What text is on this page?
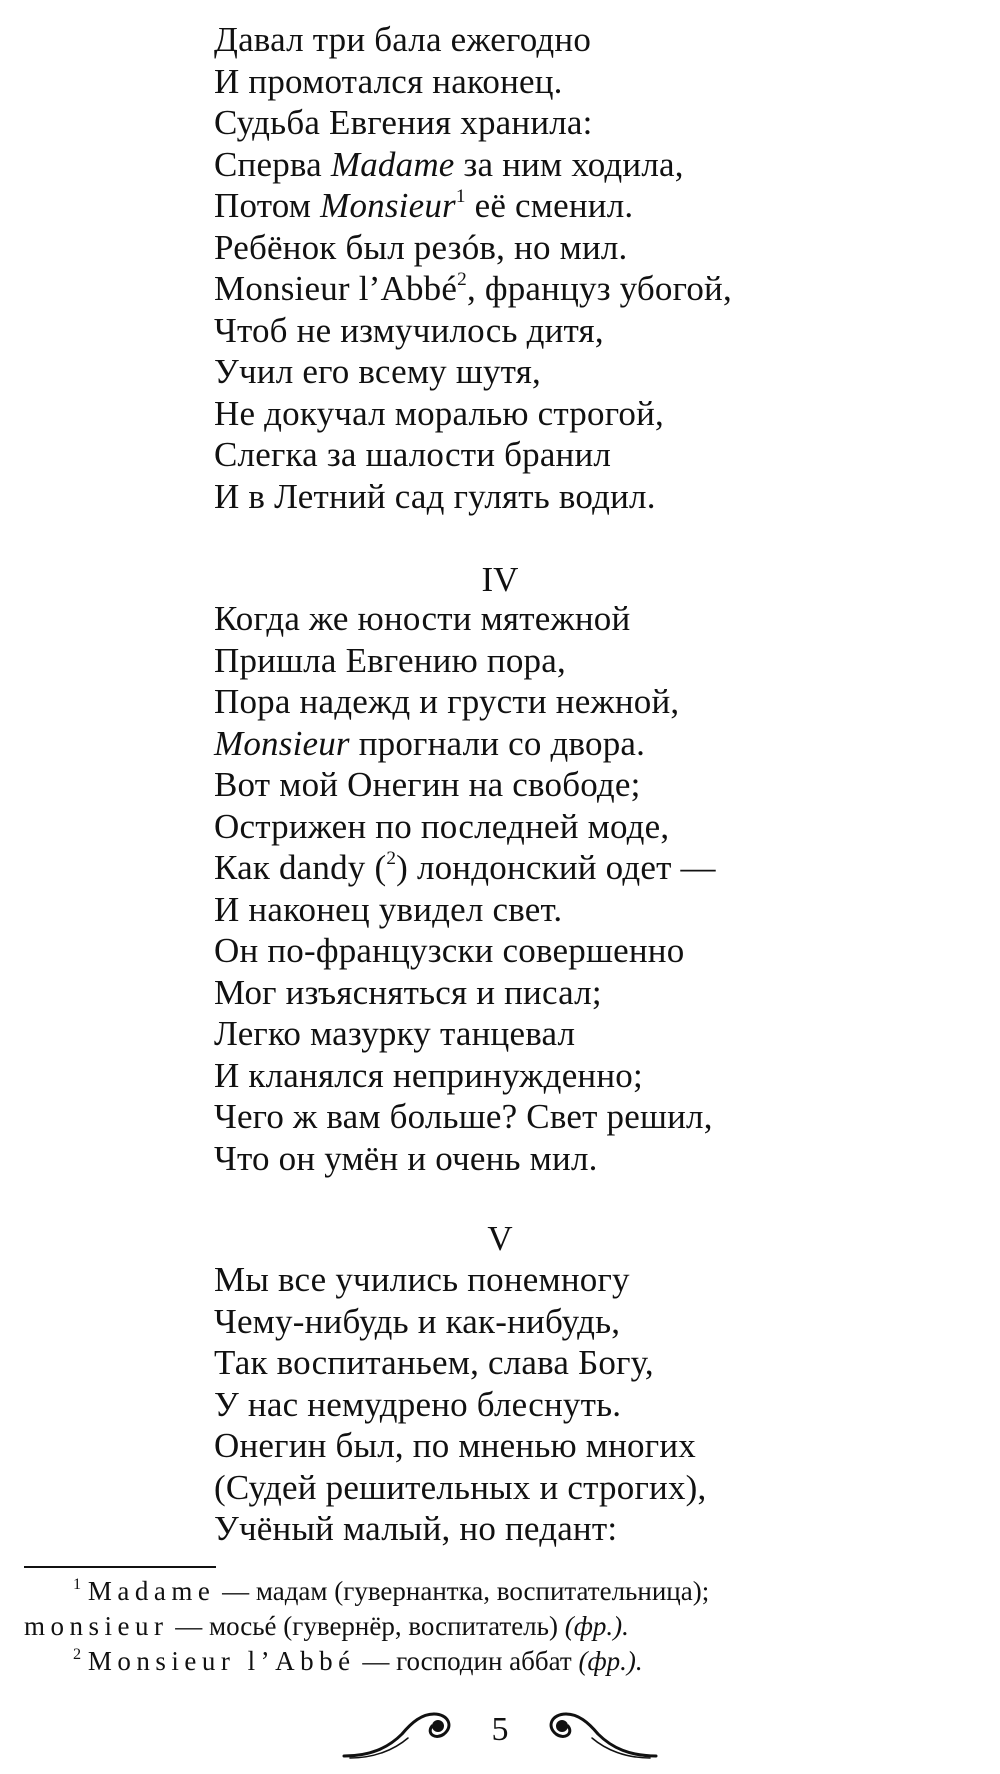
Давал три бала ежегодно
И промотался наконец.
Судьба Евгения хранила:
Сперва Madame за ним ходила,
Потом Monsieur$^1$ её сменил.
Ребёнок был резóв, но мил.
Monsieur l’Abbé$^2$, француз убогой,
Чтоб не измучилось дитя,
Учил его всему шутя,
Не докучал моралью строгой,
Слегка за шалости бранил
И в Летний сад гулять водил.
IV
Когда же юности мятежной
Пришла Евгению пора,
Пора надежд и грусти нежной,
Monsieur прогнали со двора.
Вот мой Онегин на свободе;
Острижен по последней моде,
Как dandy ($^2$) лондонский одет —
И наконец увидел свет.
Он по-французски совершенно
Мог изъясняться и писал;
Легко мазурку танцевал
И кланялся непринужденно;
Чего ж вам больше? Свет решил,
Что он умён и очень мил.
V
Мы все учились понемногу
Чему-нибудь и как-нибудь,
Так воспитаньем, слава Богу,
У нас немудрено блеснуть.
Онегин был, по мненью многих
(Судей решительных и строгих),
Учёный малый, но педант:
$^1$ Madame — мадам (гувернантка, воспитательница);
monsieur — мосьé (гувернёр, воспитатель) (фр.).
$^2$ Monsieur l’Abbé — господин аббат (фр.).
5
